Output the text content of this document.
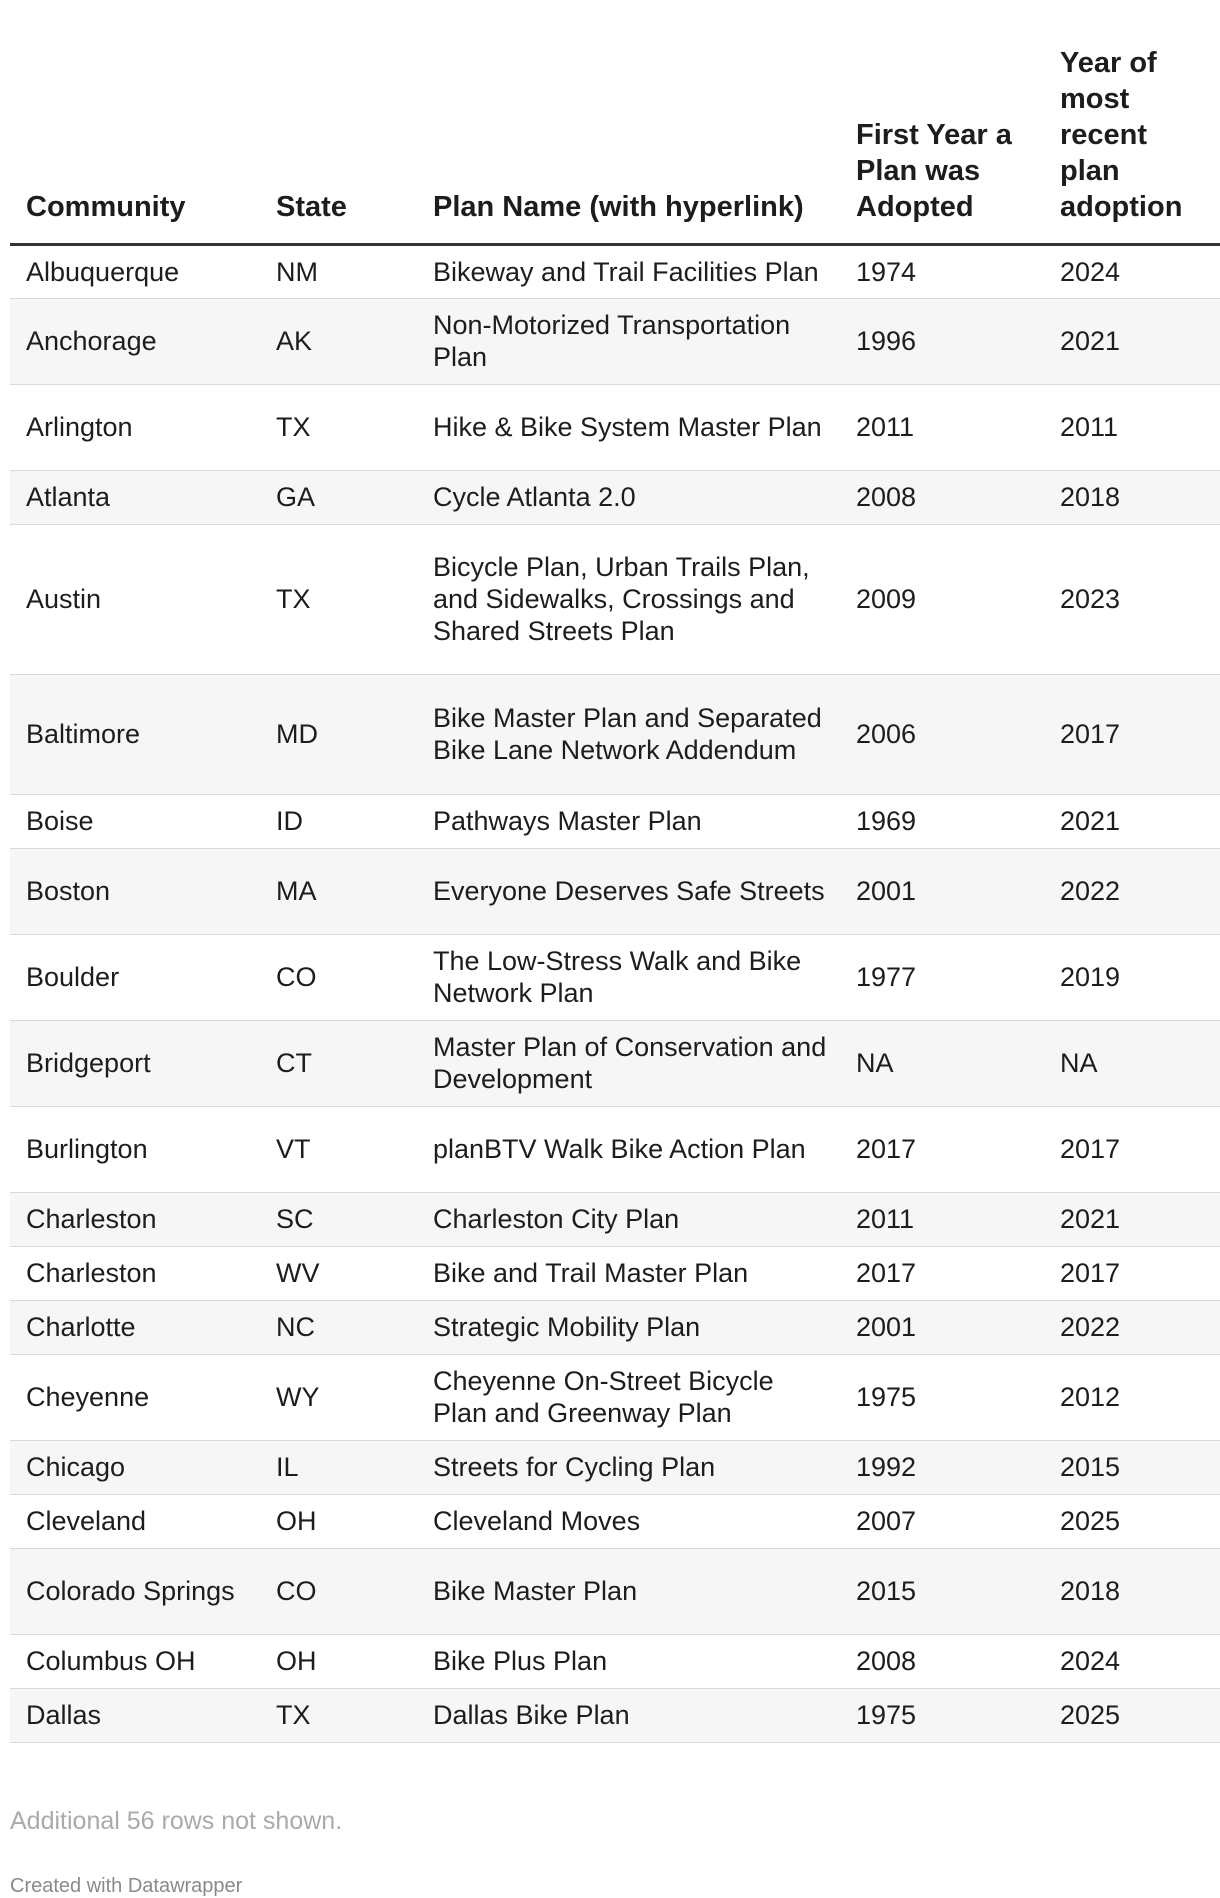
Community	State	Plan Name (with hyperlink)	First Year a Plan was Adopted	Year of most recent plan adoption
Albuquerque	NM	Bikeway and Trail Facilities Plan	1974	2024
Anchorage	AK	Non-Motorized Transportation Plan	1996	2021
Arlington	TX	Hike & Bike System Master Plan	2011	2011
Atlanta	GA	Cycle Atlanta 2.0	2008	2018
Austin	TX	Bicycle Plan, Urban Trails Plan, and Sidewalks, Crossings and Shared Streets Plan	2009	2023
Baltimore	MD	Bike Master Plan and Separated Bike Lane Network Addendum	2006	2017
Boise	ID	Pathways Master Plan	1969	2021
Boston	MA	Everyone Deserves Safe Streets	2001	2022
Boulder	CO	The Low-Stress Walk and Bike Network Plan	1977	2019
Bridgeport	CT	Master Plan of Conservation and Development	NA	NA
Burlington	VT	planBTV Walk Bike Action Plan	2017	2017
Charleston	SC	Charleston City Plan	2011	2021
Charleston	WV	Bike and Trail Master Plan	2017	2017
Charlotte	NC	Strategic Mobility Plan	2001	2022
Cheyenne	WY	Cheyenne On-Street Bicycle Plan and Greenway Plan	1975	2012
Chicago	IL	Streets for Cycling Plan	1992	2015
Cleveland	OH	Cleveland Moves	2007	2025
Colorado Springs	CO	Bike Master Plan	2015	2018
Columbus OH	OH	Bike Plus Plan	2008	2024
Dallas	TX	Dallas Bike Plan	1975	2025
Additional 56 rows not shown.
Created with Datawrapper
